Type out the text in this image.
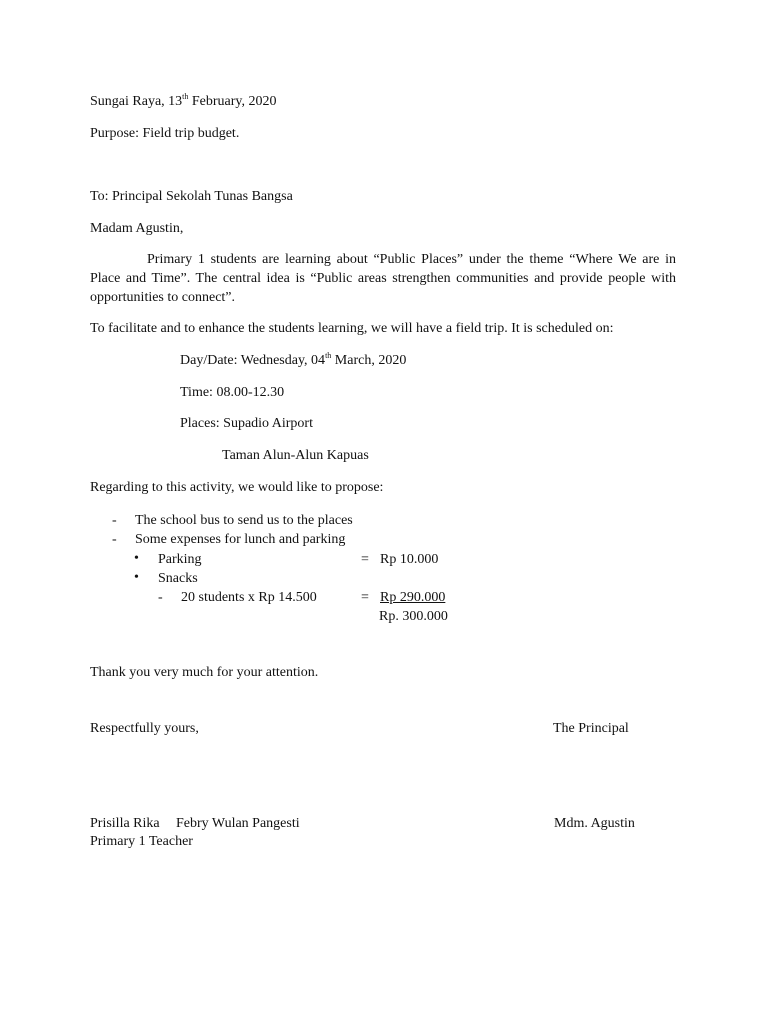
Sungai Raya, 13th February, 2020
Purpose: Field trip budget.
To: Principal Sekolah Tunas Bangsa
Madam Agustin,
Primary 1 students are learning about “Public Places” under the theme “Where We are in Place and Time”. The central idea is “Public areas strengthen communities and provide people with opportunities to connect”.
To facilitate and to enhance the students learning, we will have a field trip. It is scheduled on:
Day/Date: Wednesday, 04th March, 2020
Time: 08.00-12.30
Places: Supadio Airport
Taman Alun-Alun Kapuas
Regarding to this activity, we would like to propose:
- The school bus to send us to the places
- Some expenses for lunch and parking
• Parking	= Rp 10.000
• Snacks
- 20 students x Rp 14.500	= Rp 290.000
Rp. 300.000
Thank you very much for your attention.
Respectfully yours,	The Principal
Prisilla Rika Febry Wulan Pangesti	Mdm. Agustin
Primary 1 Teacher
